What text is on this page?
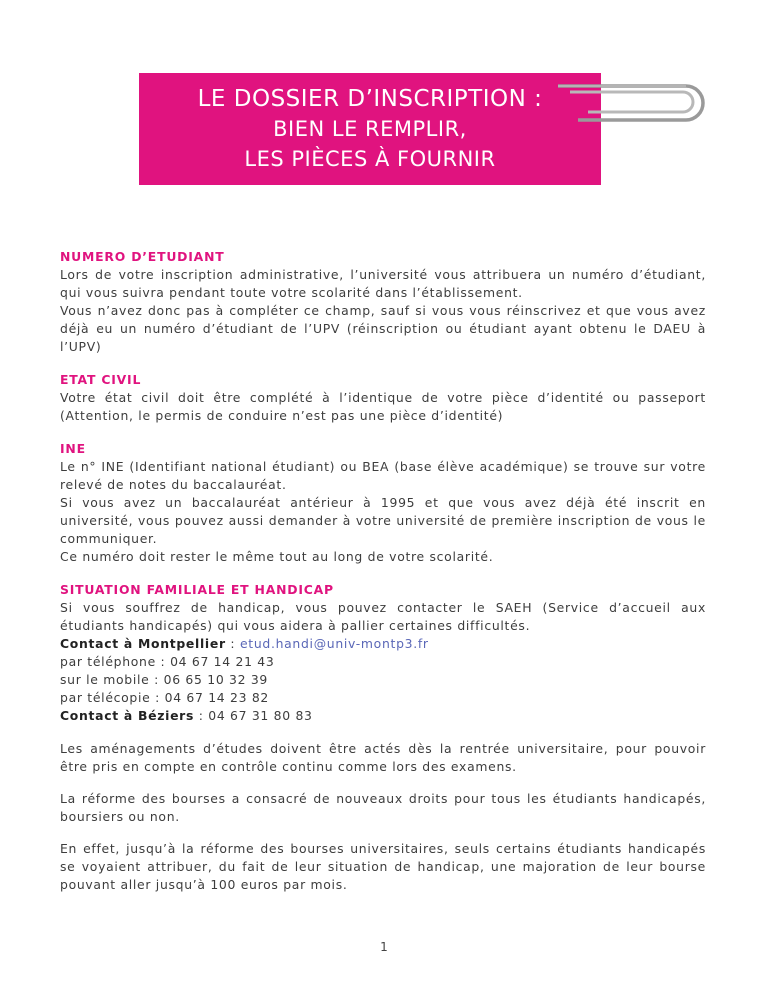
LE DOSSIER D’INSCRIPTION :
BIEN LE REMPLIR,
LES PIÈCES À FOURNIR
NUMERO D’ETUDIANT
Lors de votre inscription administrative, l’université vous attribuera un numéro d’étudiant, qui vous suivra pendant toute votre scolarité dans l’établissement.
Vous n’avez donc pas à compléter ce champ, sauf si vous vous réinscrivez et que vous avez déjà eu un numéro d’étudiant de l’UPV (réinscription ou étudiant ayant obtenu le DAEU à l’UPV)
ETAT CIVIL
Votre état civil doit être complété à l’identique de votre pièce d’identité ou passeport (Attention, le permis de conduire n’est pas une pièce d’identité)
INE
Le n° INE (Identifiant national étudiant) ou BEA (base élève académique) se trouve sur votre relevé de notes du baccalauréat.
Si vous avez un baccalauréat antérieur à 1995 et que vous avez déjà été inscrit en université, vous pouvez aussi demander à votre université de première inscription de vous le communiquer.
Ce numéro doit rester le même tout au long de votre scolarité.
SITUATION FAMILIALE ET HANDICAP
Si vous souffrez de handicap, vous pouvez contacter le SAEH (Service d’accueil aux étudiants handicapés) qui vous aidera à pallier certaines difficultés.
Contact à Montpellier : etud.handi@univ-montp3.fr
par téléphone : 04 67 14 21 43
sur le mobile : 06 65 10 32 39
par télécopie : 04 67 14 23 82
Contact à Béziers : 04 67 31 80 83
Les aménagements d’études doivent être actés dès la rentrée universitaire, pour pouvoir être pris en compte en contrôle continu comme lors des examens.
La réforme des bourses a consacré de nouveaux droits pour tous les étudiants handicapés, boursiers ou non.
En effet, jusqu’à la réforme des bourses universitaires, seuls certains étudiants handicapés se voyaient attribuer, du fait de leur situation de handicap, une majoration de leur bourse pouvant aller jusqu’à 100 euros par mois.
1
